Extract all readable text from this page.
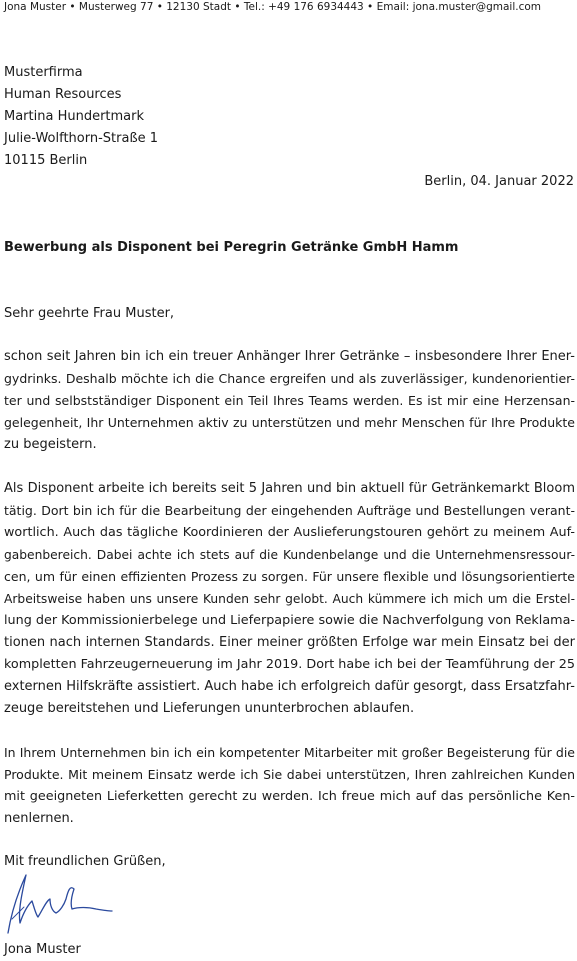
Jona Muster • Musterweg 77 • 12130 Stadt • Tel.: +49 176 6934443 • Email: jona.muster@gmail.com
Musterfirma
Human Resources
Martina Hundertmark
Julie-Wolfthorn-Straße 1
10115 Berlin
Berlin, 04. Januar 2022
Bewerbung als Disponent bei Peregrin Getränke GmbH Hamm
Sehr geehrte Frau Muster,
schon seit Jahren bin ich ein treuer Anhänger Ihrer Getränke – insbesondere Ihrer Ener-
gydrinks. Deshalb möchte ich die Chance ergreifen und als zuverlässiger, kundenorientier-
ter und selbstständiger Disponent ein Teil Ihres Teams werden. Es ist mir eine Herzensan-
gelegenheit, Ihr Unternehmen aktiv zu unterstützen und mehr Menschen für Ihre Produkte
zu begeistern.
Als Disponent arbeite ich bereits seit 5 Jahren und bin aktuell für Getränkemarkt Bloom
tätig. Dort bin ich für die Bearbeitung der eingehenden Aufträge und Bestellungen verant-
wortlich. Auch das tägliche Koordinieren der Auslieferungstouren gehört zu meinem Auf-
gabenbereich. Dabei achte ich stets auf die Kundenbelange und die Unternehmensressour-
cen, um für einen effizienten Prozess zu sorgen. Für unsere flexible und lösungsorientierte
Arbeitsweise haben uns unsere Kunden sehr gelobt. Auch kümmere ich mich um die Erstel-
lung der Kommissionierbelege und Lieferpapiere sowie die Nachverfolgung von Reklama-
tionen nach internen Standards. Einer meiner größten Erfolge war mein Einsatz bei der
kompletten Fahrzeugerneuerung im Jahr 2019. Dort habe ich bei der Teamführung der 25
externen Hilfskräfte assistiert. Auch habe ich erfolgreich dafür gesorgt, dass Ersatzfahr-
zeuge bereitstehen und Lieferungen ununterbrochen ablaufen.
In Ihrem Unternehmen bin ich ein kompetenter Mitarbeiter mit großer Begeisterung für die
Produkte. Mit meinem Einsatz werde ich Sie dabei unterstützen, Ihren zahlreichen Kunden
mit geeigneten Lieferketten gerecht zu werden. Ich freue mich auf das persönliche Ken-
nenlernen.
Mit freundlichen Grüßen,
Jona Muster
